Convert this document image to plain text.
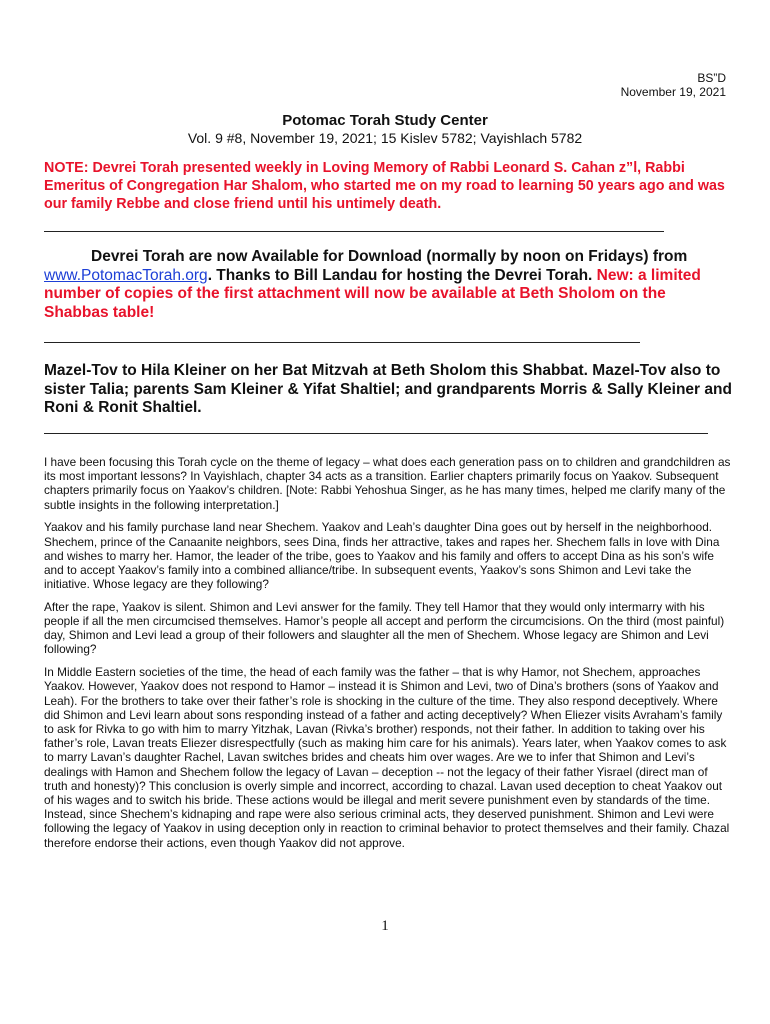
BS”D
November 19, 2021
Potomac Torah Study Center
Vol. 9 #8, November 19, 2021; 15 Kislev 5782; Vayishlach 5782
NOTE: Devrei Torah presented weekly in Loving Memory of Rabbi Leonard S. Cahan z”l, Rabbi Emeritus of Congregation Har Shalom, who started me on my road to learning 50 years ago and was our family Rebbe and close friend until his untimely death.
Devrei Torah are now Available for Download (normally by noon on Fridays) from www.PotomacTorah.org. Thanks to Bill Landau for hosting the Devrei Torah. New: a limited number of copies of the first attachment will now be available at Beth Sholom on the Shabbas table!
Mazel-Tov to Hila Kleiner on her Bat Mitzvah at Beth Sholom this Shabbat. Mazel-Tov also to sister Talia; parents Sam Kleiner & Yifat Shaltiel; and grandparents Morris & Sally Kleiner and Roni & Ronit Shaltiel.

I have been focusing this Torah cycle on the theme of legacy – what does each generation pass on to children and grandchildren as its most important lessons? In Vayishlach, chapter 34 acts as a transition. Earlier chapters primarily focus on Yaakov. Subsequent chapters primarily focus on Yaakov’s children. [Note: Rabbi Yehoshua Singer, as he has many times, helped me clarify many of the subtle insights in the following interpretation.]

Yaakov and his family purchase land near Shechem. Yaakov and Leah’s daughter Dina goes out by herself in the neighborhood. Shechem, prince of the Canaanite neighbors, sees Dina, finds her attractive, takes and rapes her. Shechem falls in love with Dina and wishes to marry her. Hamor, the leader of the tribe, goes to Yaakov and his family and offers to accept Dina as his son’s wife and to accept Yaakov’s family into a combined alliance/tribe. In subsequent events, Yaakov’s sons Shimon and Levi take the initiative. Whose legacy are they following?

After the rape, Yaakov is silent. Shimon and Levi answer for the family. They tell Hamor that they would only intermarry with his people if all the men circumcised themselves. Hamor’s people all accept and perform the circumcisions. On the third (most painful) day, Shimon and Levi lead a group of their followers and slaughter all the men of Shechem. Whose legacy are Shimon and Levi following?

In Middle Eastern societies of the time, the head of each family was the father – that is why Hamor, not Shechem, approaches Yaakov. However, Yaakov does not respond to Hamor – instead it is Shimon and Levi, two of Dina’s brothers (sons of Yaakov and Leah). For the brothers to take over their father’s role is shocking in the culture of the time. They also respond deceptively. Where did Shimon and Levi learn about sons responding instead of a father and acting deceptively? When Eliezer visits Avraham’s family to ask for Rivka to go with him to marry Yitzhak, Lavan (Rivka’s brother) responds, not their father. In addition to taking over his father’s role, Lavan treats Eliezer disrespectfully (such as making him care for his animals). Years later, when Yaakov comes to ask to marry Lavan’s daughter Rachel, Lavan switches brides and cheats him over wages. Are we to infer that Shimon and Levi’s dealings with Hamon and Shechem follow the legacy of Lavan – deception -- not the legacy of their father Yisrael (direct man of truth and honesty)? This conclusion is overly simple and incorrect, according to chazal. Lavan used deception to cheat Yaakov out of his wages and to switch his bride. These actions would be illegal and merit severe punishment even by standards of the time. Instead, since Shechem’s kidnaping and rape were also serious criminal acts, they deserved punishment. Shimon and Levi were following the legacy of Yaakov in using deception only in reaction to criminal behavior to protect themselves and their family. Chazal therefore endorse their actions, even though Yaakov did not approve.

1
